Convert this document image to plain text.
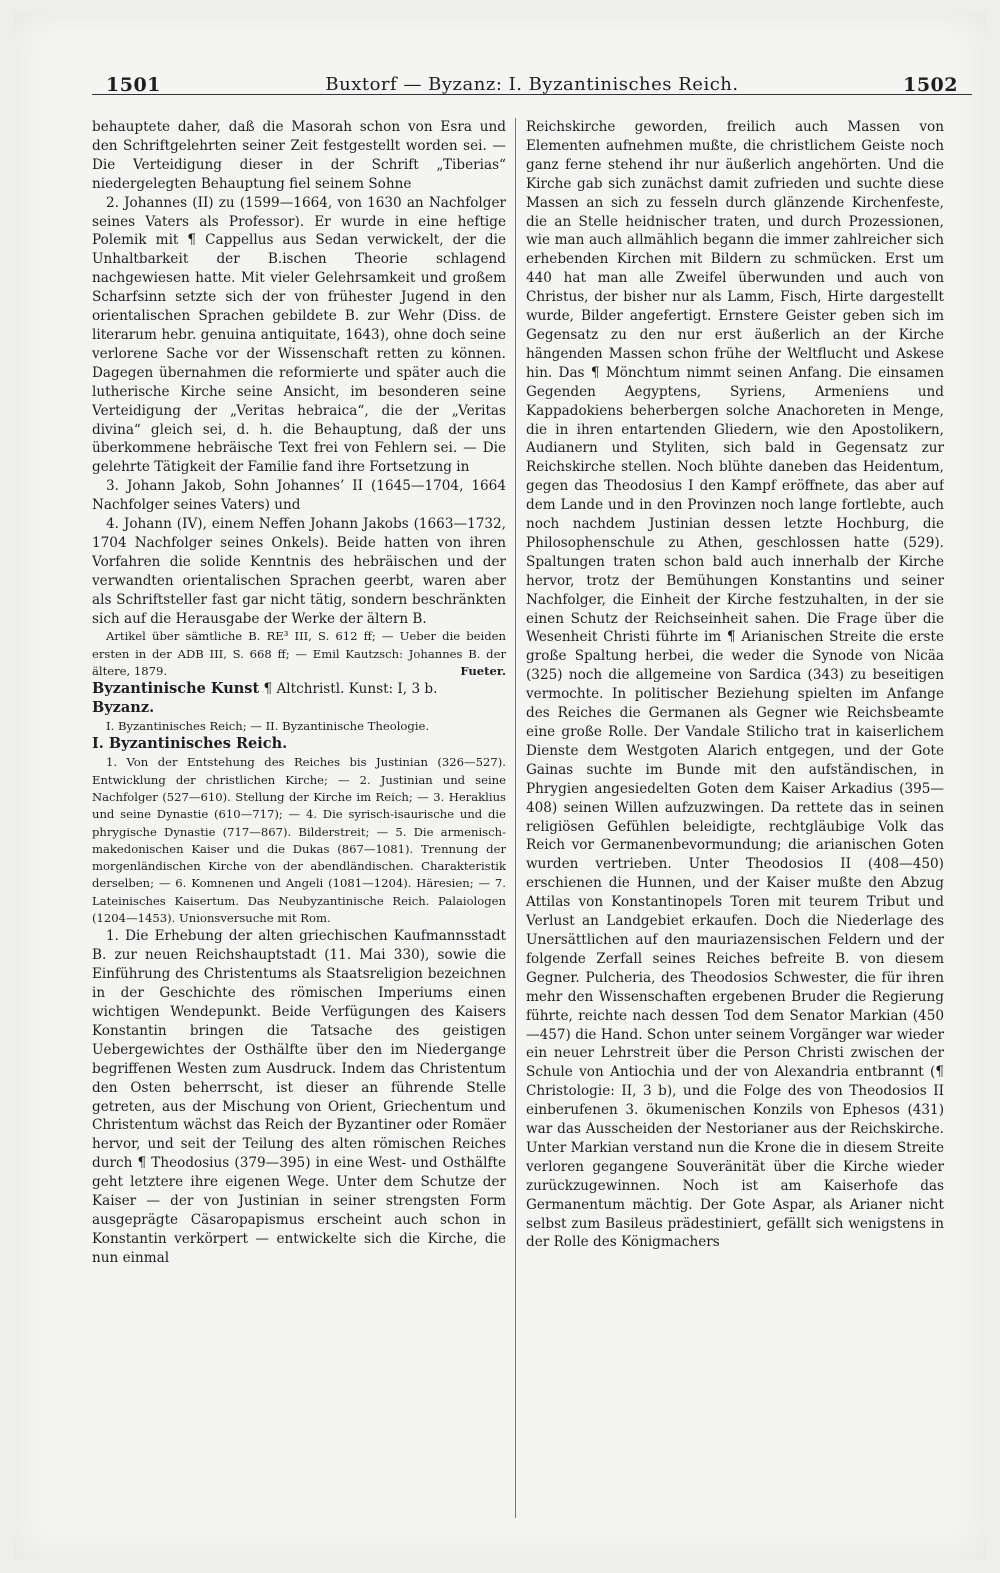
1501	Buxtorf — Byzanz: I. Byzantinisches Reich.	1502

behauptete daher, daß die Masorah schon von Esra und den Schriftgelehrten seiner Zeit festgestellt worden sei. — Die Verteidigung dieser in der Schrift „Tiberias“ niedergelegten Behauptung fiel seinem Sohne

2. Johannes (II) zu (1599—1664, von 1630 an Nachfolger seines Vaters als Professor). Er wurde in eine heftige Polemik mit ¶ Cappellus aus Sedan verwickelt, der die Unhaltbarkeit der B.ischen Theorie schlagend nachgewiesen hatte. Mit vieler Gelehrsamkeit und großem Scharfsinn setzte sich der von frühester Jugend in den orientalischen Sprachen gebildete B. zur Wehr (Diss. de literarum hebr. genuina antiquitate, 1643), ohne doch seine verlorene Sache vor der Wissenschaft retten zu können. Dagegen übernahmen die reformierte und später auch die lutherische Kirche seine Ansicht, im besonderen seine Verteidigung der „Veritas hebraica“, die der „Veritas divina“ gleich sei, d. h. die Behauptung, daß der uns überkommene hebräische Text frei von Fehlern sei. — Die gelehrte Tätigkeit der Familie fand ihre Fortsetzung in

3. Johann Jakob, Sohn Johannes’ II (1645—1704, 1664 Nachfolger seines Vaters) und

4. Johann (IV), einem Neffen Johann Jakobs (1663—1732, 1704 Nachfolger seines Onkels). Beide hatten von ihren Vorfahren die solide Kenntnis des hebräischen und der verwandten orientalischen Sprachen geerbt, waren aber als Schriftsteller fast gar nicht tätig, sondern beschränkten sich auf die Herausgabe der Werke der ältern B.

Artikel über sämtliche B. RE³ III, S. 612 ff; — Ueber die beiden ersten in der ADB III, S. 668 ff; — Emil Kautzsch: Johannes B. der ältere, 1879.	Fueter.

Byzantinische Kunst ¶ Altchristl. Kunst: I, 3 b.

Byzanz.

I. Byzantinisches Reich; — II. Byzantinische Theologie.

I. Byzantinisches Reich.

1. Von der Entstehung des Reiches bis Justinian (326—527). Entwicklung der christlichen Kirche; — 2. Justinian und seine Nachfolger (527—610). Stellung der Kirche im Reich; — 3. Heraklius und seine Dynastie (610—717); — 4. Die syrisch-isaurische und die phrygische Dynastie (717—867). Bilderstreit; — 5. Die armenisch-makedonischen Kaiser und die Dukas (867—1081). Trennung der morgenländischen Kirche von der abendländischen. Charakteristik derselben; — 6. Komnenen und Angeli (1081—1204). Häresien; — 7. Lateinisches Kaisertum. Das Neubyzantinische Reich. Palaiologen (1204—1453). Unionsversuche mit Rom.

1. Die Erhebung der alten griechischen Kaufmannsstadt B. zur neuen Reichshauptstadt (11. Mai 330), sowie die Einführung des Christentums als Staatsreligion bezeichnen in der Geschichte des römischen Imperiums einen wichtigen Wendepunkt. Beide Verfügungen des Kaisers Konstantin bringen die Tatsache des geistigen Uebergewichtes der Osthälfte über den im Niedergange begriffenen Westen zum Ausdruck. Indem das Christentum den Osten beherrscht, ist dieser an führende Stelle getreten, aus der Mischung von Orient, Griechentum und Christentum wächst das Reich der Byzantiner oder Romäer hervor, und seit der Teilung des alten römischen Reiches durch ¶ Theodosius (379—395) in eine West- und Osthälfte geht letztere ihre eigenen Wege. Unter dem Schutze der Kaiser — der von Justinian in seiner strengsten Form ausgeprägte Cäsaropapismus erscheint auch schon in Konstantin verkörpert — entwickelte sich die Kirche, die nun einmal

Reichskirche geworden, freilich auch Massen von Elementen aufnehmen mußte, die christlichem Geiste noch ganz ferne stehend ihr nur äußerlich angehörten. Und die Kirche gab sich zunächst damit zufrieden und suchte diese Massen an sich zu fesseln durch glänzende Kirchenfeste, die an Stelle heidnischer traten, und durch Prozessionen, wie man auch allmählich begann die immer zahlreicher sich erhebenden Kirchen mit Bildern zu schmücken. Erst um 440 hat man alle Zweifel überwunden und auch von Christus, der bisher nur als Lamm, Fisch, Hirte dargestellt wurde, Bilder angefertigt. Ernstere Geister geben sich im Gegensatz zu den nur erst äußerlich an der Kirche hängenden Massen schon frühe der Weltflucht und Askese hin. Das ¶ Mönchtum nimmt seinen Anfang. Die einsamen Gegenden Aegyptens, Syriens, Armeniens und Kappadokiens beherbergen solche Anachoreten in Menge, die in ihren entartenden Gliedern, wie den Apostolikern, Audianern und Styliten, sich bald in Gegensatz zur Reichskirche stellen. Noch blühte daneben das Heidentum, gegen das Theodosius I den Kampf eröffnete, das aber auf dem Lande und in den Provinzen noch lange fortlebte, auch noch nachdem Justinian dessen letzte Hochburg, die Philosophenschule zu Athen, geschlossen hatte (529). Spaltungen traten schon bald auch innerhalb der Kirche hervor, trotz der Bemühungen Konstantins und seiner Nachfolger, die Einheit der Kirche festzuhalten, in der sie einen Schutz der Reichseinheit sahen. Die Frage über die Wesenheit Christi führte im ¶ Arianischen Streite die erste große Spaltung herbei, die weder die Synode von Nicäa (325) noch die allgemeine von Sardica (343) zu beseitigen vermochte. In politischer Beziehung spielten im Anfange des Reiches die Germanen als Gegner wie Reichsbeamte eine große Rolle. Der Vandale Stilicho trat in kaiserlichem Dienste dem Westgoten Alarich entgegen, und der Gote Gainas suchte im Bunde mit den aufständischen, in Phrygien angesiedelten Goten dem Kaiser Arkadius (395—408) seinen Willen aufzuzwingen. Da rettete das in seinen religiösen Gefühlen beleidigte, rechtgläubige Volk das Reich vor Germanenbevormundung; die arianischen Goten wurden vertrieben. Unter Theodosios II (408—450) erschienen die Hunnen, und der Kaiser mußte den Abzug Attilas von Konstantinopels Toren mit teurem Tribut und Verlust an Landgebiet erkaufen. Doch die Niederlage des Unersättlichen auf den mauriazensischen Feldern und der folgende Zerfall seines Reiches befreite B. von diesem Gegner. Pulcheria, des Theodosios Schwester, die für ihren mehr den Wissenschaften ergebenen Bruder die Regierung führte, reichte nach dessen Tod dem Senator Markian (450—457) die Hand. Schon unter seinem Vorgänger war wieder ein neuer Lehrstreit über die Person Christi zwischen der Schule von Antiochia und der von Alexandria entbrannt (¶ Christologie: II, 3 b), und die Folge des von Theodosios II einberufenen 3. ökumenischen Konzils von Ephesos (431) war das Ausscheiden der Nestorianer aus der Reichskirche. Unter Markian verstand nun die Krone die in diesem Streite verloren gegangene Souveränität über die Kirche wieder zurückzugewinnen. Noch ist am Kaiserhofe das Germanentum mächtig. Der Gote Aspar, als Arianer nicht selbst zum Basileus prädestiniert, gefällt sich wenigstens in der Rolle des Königmachers
